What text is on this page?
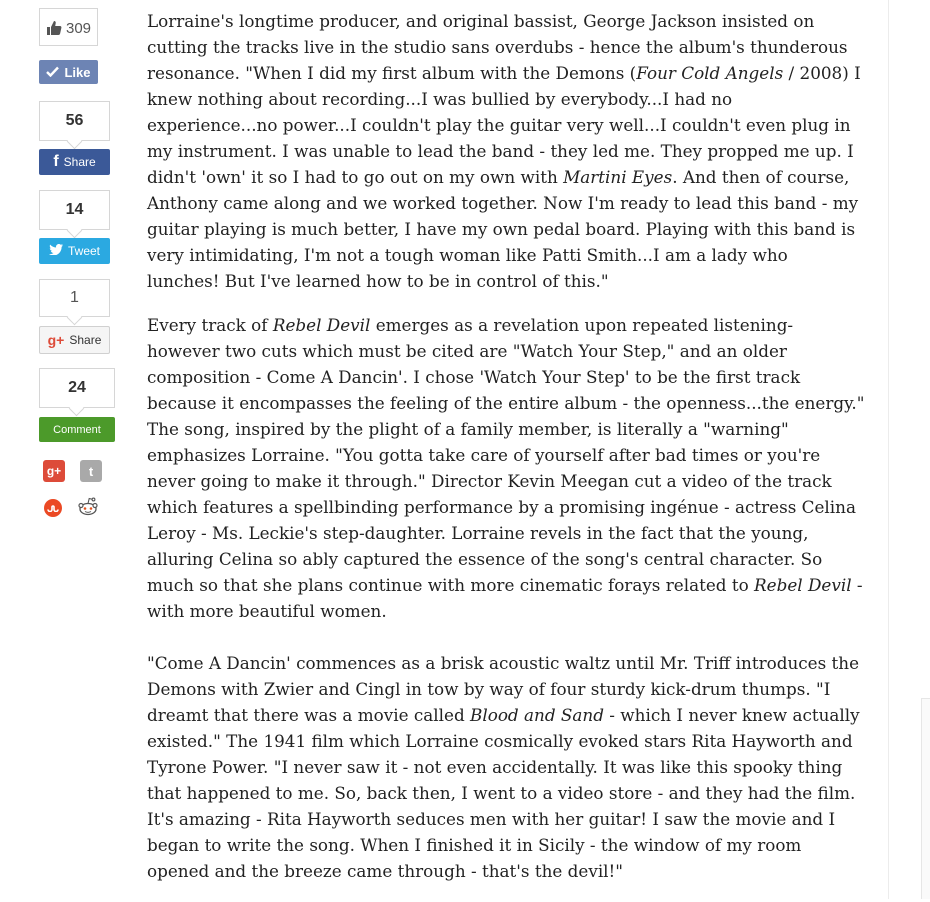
309
Like
56
f Share
14
Tweet
1
g+ Share
24
Comment
g+	t

Lorraine's longtime producer, and original bassist, George Jackson insisted on cutting the tracks live in the studio sans overdubs - hence the album's thunderous resonance. "When I did my first album with the Demons (Four Cold Angels / 2008) I knew nothing about recording...I was bullied by everybody...I had no experience...no power...I couldn't play the guitar very well...I couldn't even plug in my instrument. I was unable to lead the band - they led me. They propped me up. I didn't 'own' it so I had to go out on my own with Martini Eyes. And then of course, Anthony came along and we worked together. Now I'm ready to lead this band - my guitar playing is much better, I have my own pedal board. Playing with this band is very intimidating, I'm not a tough woman like Patti Smith...I am a lady who lunches! But I've learned how to be in control of this."

Every track of Rebel Devil emerges as a revelation upon repeated listening- however two cuts which must be cited are "Watch Your Step," and an older composition - Come A Dancin'. I chose 'Watch Your Step' to be the first track because it encompasses the feeling of the entire album - the openness...the energy." The song, inspired by the plight of a family member, is literally a "warning" emphasizes Lorraine. "You gotta take care of yourself after bad times or you're never going to make it through." Director Kevin Meegan cut a video of the track which features a spellbinding performance by a promising ingénue - actress Celina Leroy - Ms. Leckie's step-daughter. Lorraine revels in the fact that the young, alluring Celina so ably captured the essence of the song's central character. So much so that she plans continue with more cinematic forays related to Rebel Devil - with more beautiful women.

"Come A Dancin' commences as a brisk acoustic waltz until Mr. Triff introduces the Demons with Zwier and Cingl in tow by way of four sturdy kick-drum thumps. "I dreamt that there was a movie called Blood and Sand - which I never knew actually existed." The 1941 film which Lorraine cosmically evoked stars Rita Hayworth and Tyrone Power. "I never saw it - not even accidentally. It was like this spooky thing that happened to me. So, back then, I went to a video store - and they had the film. It's amazing - Rita Hayworth seduces men with her guitar! I saw the movie and I began to write the song. When I finished it in Sicily - the window of my room opened and the breeze came through - that's the devil!"
